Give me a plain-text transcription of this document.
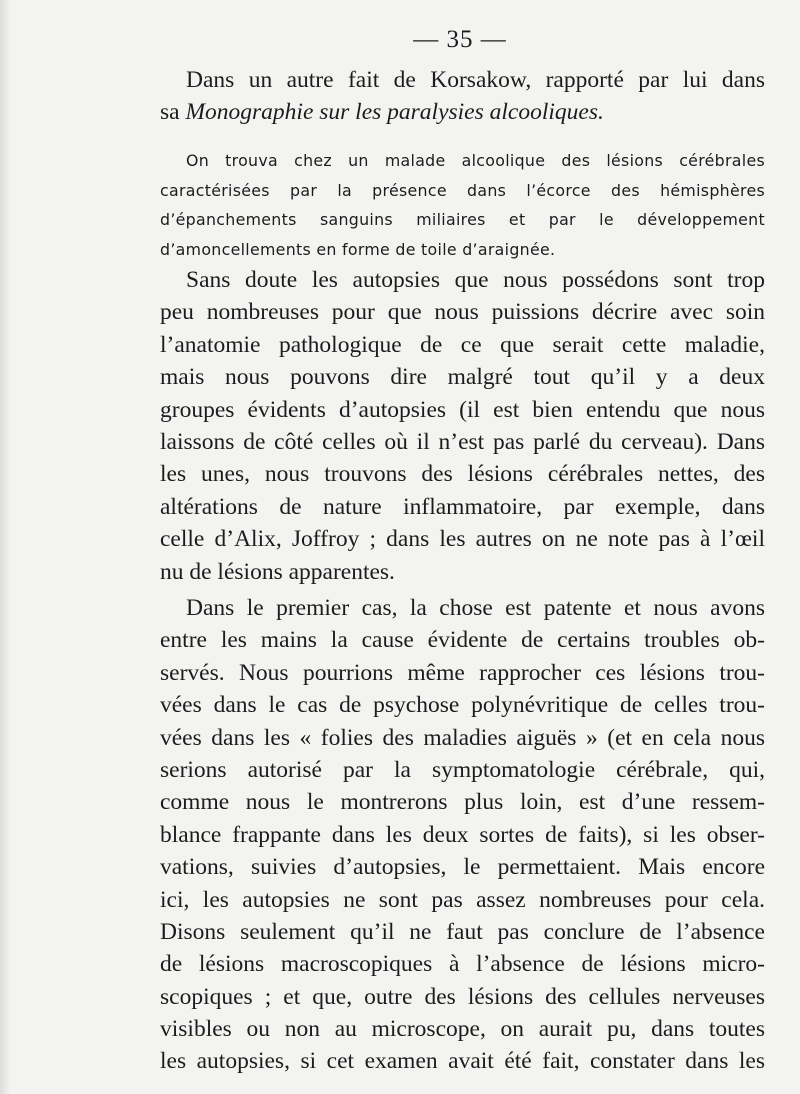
— 35 —
Dans un autre fait de Korsakow, rapporté par lui dans
sa Monographie sur les paralysies alcooliques.
On trouva chez un malade alcoolique des lésions cérébrales
caractérisées par la présence dans l’écorce des hémisphères
d’épanchements sanguins miliaires et par le développement
d’amoncellements en forme de toile d’araignée.
Sans doute les autopsies que nous possédons sont trop
peu nombreuses pour que nous puissions décrire avec soin
l’anatomie pathologique de ce que serait cette maladie,
mais nous pouvons dire malgré tout qu’il y a deux
groupes évidents d’autopsies (il est bien entendu que nous
laissons de côté celles où il n’est pas parlé du cerveau). Dans
les unes, nous trouvons des lésions cérébrales nettes, des
altérations de nature inflammatoire, par exemple, dans
celle d’Alix, Joffroy ; dans les autres on ne note pas à l’œil
nu de lésions apparentes.
Dans le premier cas, la chose est patente et nous avons
entre les mains la cause évidente de certains troubles ob-
servés. Nous pourrions même rapprocher ces lésions trou-
vées dans le cas de psychose polynévritique de celles trou-
vées dans les « folies des maladies aiguës » (et en cela nous
serions autorisé par la symptomatologie cérébrale, qui,
comme nous le montrerons plus loin, est d’une ressem-
blance frappante dans les deux sortes de faits), si les obser-
vations, suivies d’autopsies, le permettaient. Mais encore
ici, les autopsies ne sont pas assez nombreuses pour cela.
Disons seulement qu’il ne faut pas conclure de l’absence
de lésions macroscopiques à l’absence de lésions micro-
scopiques ; et que, outre des lésions des cellules nerveuses
visibles ou non au microscope, on aurait pu, dans toutes
les autopsies, si cet examen avait été fait, constater dans les
